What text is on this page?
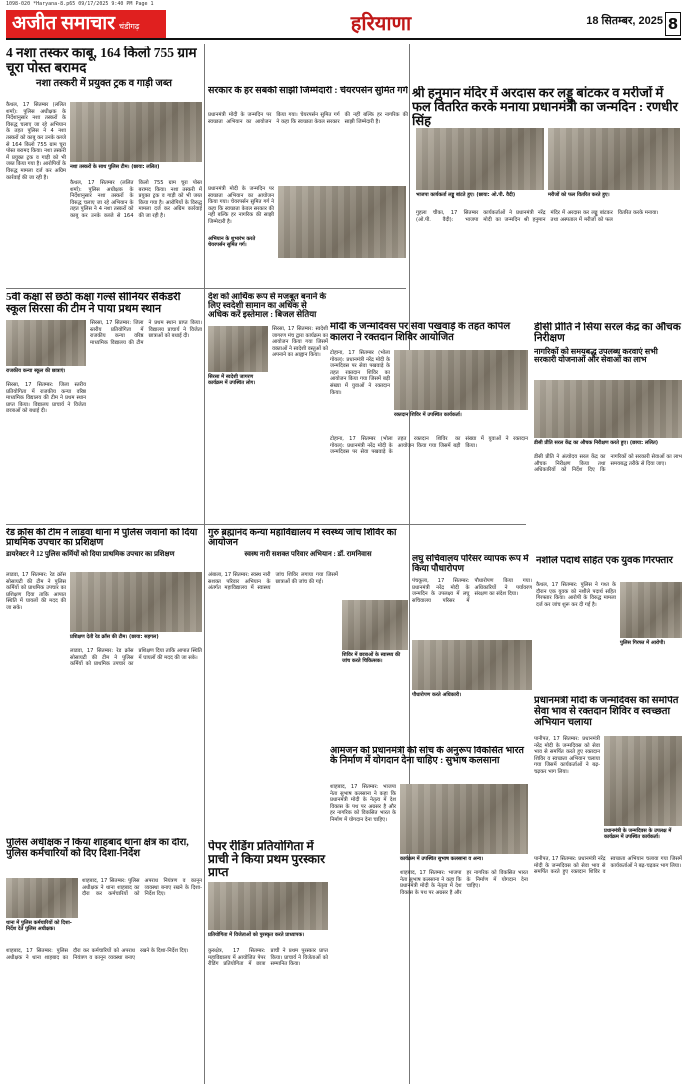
1098-020 *Haryana-8.p65 09/17/2025 9:40 PM Page 1
अजीत समाचार चंडीगढ़	हरियाणा	18 सितम्बर, 2025 8
4 नशा तस्कर काबू, 164 किलो 755 ग्राम चूरा पोस्त बरामद
नशा तस्करी में प्रयुक्त ट्रक व गाड़ी जब्त
कैथल, 17 सितम्बर (ललित शर्मा): पुलिस अधीक्षक के निर्देशानुसार नशा तस्करों के विरुद्ध चलाए जा रहे अभियान के तहत पुलिस ने 4 नशा तस्करों को काबू कर उनके कब्जे से 164 किलो 755 ग्राम चूरा पोस्त बरामद किया। नशा तस्करी में प्रयुक्त ट्रक व गाड़ी को भी जब्त किया गया है। आरोपियों के विरुद्ध मामला दर्ज कर अग्रिम कार्रवाई की जा रही है।
नशा तस्करों के साथ पुलिस टीम। (छाया: ललित)
कैथल, 17 सितम्बर (ललित शर्मा): पुलिस अधीक्षक के निर्देशानुसार नशा तस्करों के विरुद्ध चलाए जा रहे अभियान के तहत पुलिस ने 4 नशा तस्करों को काबू कर उनके कब्जे से 164 किलो 755 ग्राम चूरा पोस्त बरामद किया। नशा तस्करी में प्रयुक्त ट्रक व गाड़ी को भी जब्त किया गया है। आरोपियों के विरुद्ध मामला दर्ज कर अग्रिम कार्रवाई की जा रही है।
सरकार के हर सबकी साझी जिम्मेदारी : चेयरपर्सन सुमित गर्ग
प्रधानमंत्री मोदी के जन्मदिन पर स्वच्छता अभियान का आयोजन किया गया। चेयरपर्सन सुमित गर्ग ने कहा कि स्वच्छता केवल सरकार की नहीं बल्कि हर नागरिक की साझी जिम्मेदारी है।
अभियान के शुभारंभ करते चेयरपर्सन सुमित गर्ग।
प्रधानमंत्री मोदी के जन्मदिन पर स्वच्छता अभियान का आयोजन किया गया। चेयरपर्सन सुमित गर्ग ने कहा कि स्वच्छता केवल सरकार की नहीं बल्कि हर नागरिक की साझी जिम्मेदारी है।
श्री हनुमान मंदिर में अरदास कर लड्डू बांटकर व मरीजों में फल वितरित करके मनाया प्रधानमंत्री का जन्मदिन : रणधीर सिंह
भाजपा कार्यकर्ता लड्डू बांटते हुए। (छाया: ओ.पी. वैदी)	मरीजों को फल वितरित करते हुए।
गुहला चीका, 17 सितम्बर (ओ.पी. वैदी): भाजपा कार्यकर्ताओं ने प्रधानमंत्री नरेंद्र मोदी का जन्मदिन श्री हनुमान मंदिर में अरदास कर लड्डू बांटकर तथा अस्पताल में मरीजों को फल वितरित करके मनाया।
5वीं कक्षा से छठी कक्षा गर्ल्स सीनियर सैकेंडरी स्कूल सिरसा की टीम ने पाया प्रथम स्थान
राजकीय कन्या स्कूल की छात्राएं।
सिरसा, 17 सितम्बर: जिला स्तरीय प्रतियोगिता में राजकीय कन्या वरिष्ठ माध्यमिक विद्यालय की टीम ने प्रथम स्थान प्राप्त किया। विद्यालय प्राचार्य ने विजेता छात्राओं को बधाई दी।
सिरसा, 17 सितम्बर: जिला स्तरीय प्रतियोगिता में राजकीय कन्या वरिष्ठ माध्यमिक विद्यालय की टीम ने प्रथम स्थान प्राप्त किया। विद्यालय प्राचार्य ने विजेता छात्राओं को बधाई दी।
देश को आर्थिक रूप से मजबूत बनाने के लिए स्वदेशी सामान का अधिक से अधिक करें इस्तेमाल : बिजल सेतिया
सिरसा में स्वदेशी जागरण कार्यक्रम में उपस्थित लोग।
सिरसा, 17 सितम्बर: स्वदेशी जागरण मंच द्वारा कार्यक्रम का आयोजन किया गया जिसमें वक्ताओं ने स्वदेशी वस्तुओं को अपनाने का आह्वान किया।
मोदी के जन्मदिवस पर सेवा पखवाड़े के तहत कपिल कालरा ने रक्तदान शिविर आयोजित
टोहाना, 17 सितम्बर (भोला गोयल): प्रधानमंत्री नरेंद्र मोदी के जन्मदिवस पर सेवा पखवाड़े के तहत रक्तदान शिविर का आयोजन किया गया जिसमें बड़ी संख्या में युवाओं ने रक्तदान किया।
रक्तदान शिविर में उपस्थित कार्यकर्ता।
टोहाना, 17 सितम्बर (भोला गोयल): प्रधानमंत्री नरेंद्र मोदी के जन्मदिवस पर सेवा पखवाड़े के तहत रक्तदान शिविर का आयोजन किया गया जिसमें बड़ी संख्या में युवाओं ने रक्तदान किया।
डीसी प्रीति ने सिया सरल केंद्र का औचक निरीक्षण
नागरिकों को समयबद्ध उपलब्ध करवाएं सभी सरकारी योजनाओं और सेवाओं का लाभ
डीसी प्रीति सरल केंद्र का औचक निरीक्षण करते हुए। (छाया: ललित)
डीसी प्रीति ने अंत्योदय सरल केंद्र का औचक निरीक्षण किया तथा अधिकारियों को निर्देश दिए कि नागरिकों को सरकारी सेवाओं का लाभ समयबद्ध तरीके से दिया जाए।
रेड क्रॉस की टीम ने लाडवा थाना में पुलिस जवानों को दिया प्राथमिक उपचार का प्रशिक्षण
डायरेक्टर ने 12 पुलिस कर्मियों को दिया प्राथमिक उपचार का प्रशिक्षण
लाडवा, 17 सितम्बर: रेड क्रॉस सोसायटी की टीम ने पुलिस कर्मियों को प्राथमिक उपचार का प्रशिक्षण दिया ताकि आपात स्थिति में घायलों की मदद की जा सके।
प्रशिक्षण देती रेड क्रॉस की टीम। (छाया: सहगल)
लाडवा, 17 सितम्बर: रेड क्रॉस सोसायटी की टीम ने पुलिस कर्मियों को प्राथमिक उपचार का प्रशिक्षण दिया ताकि आपात स्थिति में घायलों की मदद की जा सके।
गुरु ब्रह्मानंद कन्या महाविद्यालय में स्वस्थ्य जांच शिविर का आयोजन
स्वस्थ नारी सशक्त परिवार अभियान : डॉ. रामनिवास
अंबाला, 17 सितम्बर: स्वस्थ नारी सशक्त परिवार अभियान के अंतर्गत महाविद्यालय में स्वास्थ्य जांच शिविर लगाया गया जिसमें छात्राओं की जांच की गई।
शिविर में छात्राओं के स्वास्थ्य की जांच करते चिकित्सक।
लघु सचिवालय परिसर व्यापक रूप में किया पौधारोपण
पंचकूला, 17 सितम्बर: प्रधानमंत्री नरेंद्र मोदी के जन्मदिन के उपलक्ष्य में लघु सचिवालय परिसर में पौधारोपण किया गया। अधिकारियों ने पर्यावरण संरक्षण का संदेश दिया।
पौधारोपण करते अधिकारी।
नशीले पदार्थ सहित एक युवक गिरफ्तार
कैथल, 17 सितम्बर: पुलिस ने गश्त के दौरान एक युवक को नशीले पदार्थ सहित गिरफ्तार किया। आरोपी के विरुद्ध मामला दर्ज कर जांच शुरू कर दी गई है।
पुलिस गिरफ्त में आरोपी।
आमजन को प्रधानमंत्री की सोच के अनुरूप विकसित भारत के निर्माण में योगदान देना चाहिए : सुभाष कलसाना
शाहबाद, 17 सितम्बर: भाजपा नेता सुभाष कलसाना ने कहा कि प्रधानमंत्री मोदी के नेतृत्व में देश विकास के पथ पर अग्रसर है और हर नागरिक को विकसित भारत के निर्माण में योगदान देना चाहिए।
कार्यक्रम में उपस्थित सुभाष कलसाना व अन्य।
शाहबाद, 17 सितम्बर: भाजपा नेता सुभाष कलसाना ने कहा कि प्रधानमंत्री मोदी के नेतृत्व में देश विकास के पथ पर अग्रसर है और हर नागरिक को विकसित भारत के निर्माण में योगदान देना चाहिए।
प्रधानमंत्री मोदी के जन्मदिवस को समर्पित सेवा भाव से रक्तदान शिविर व स्वच्छता अभियान चलाया
पानीपत, 17 सितम्बर: प्रधानमंत्री नरेंद्र मोदी के जन्मदिवस को सेवा भाव से समर्पित करते हुए रक्तदान शिविर व स्वच्छता अभियान चलाया गया जिसमें कार्यकर्ताओं ने बढ़-चढ़कर भाग लिया।
प्रधानमंत्री के जन्मदिवस के उपलक्ष में कार्यक्रम में उपस्थित कार्यकर्ता।
पानीपत, 17 सितम्बर: प्रधानमंत्री नरेंद्र मोदी के जन्मदिवस को सेवा भाव से समर्पित करते हुए रक्तदान शिविर व स्वच्छता अभियान चलाया गया जिसमें कार्यकर्ताओं ने बढ़-चढ़कर भाग लिया।
पुलिस अधीक्षक ने किया शाहबाद थाना क्षेत्र का दौरा, पुलिस कर्मचारियों को दिए दिशा-निर्देश
थाना में पुलिस कर्मचारियों को दिशा-निर्देश देते पुलिस अधीक्षक।
शाहबाद, 17 सितम्बर: पुलिस अधीक्षक ने थाना शाहबाद का दौरा कर कर्मचारियों को अपराध नियंत्रण व कानून व्यवस्था बनाए रखने के दिशा-निर्देश दिए।
शाहबाद, 17 सितम्बर: पुलिस अधीक्षक ने थाना शाहबाद का दौरा कर कर्मचारियों को अपराध नियंत्रण व कानून व्यवस्था बनाए रखने के दिशा-निर्देश दिए।
पेपर रीडिंग प्रतियोगिता में प्राची ने किया प्रथम पुरस्कार प्राप्त
प्रतियोगिता में विजेताओं को पुरस्कृत करते प्राध्यापक।
कुरुक्षेत्र, 17 सितम्बर: महाविद्यालय में आयोजित पेपर रीडिंग प्रतियोगिता में छात्रा प्राची ने प्रथम पुरस्कार प्राप्त किया। प्राचार्य ने विजेताओं को सम्मानित किया।
